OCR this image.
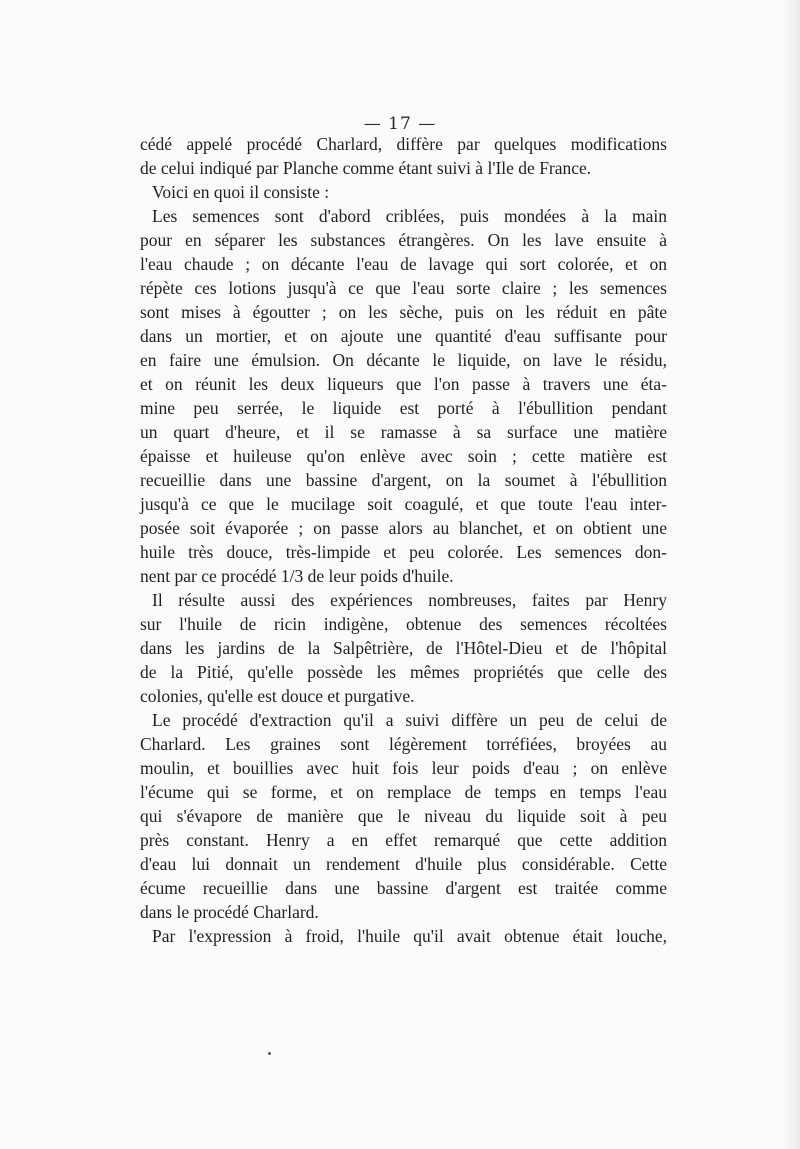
— 17 —
cédé appelé procédé Charlard, diffère par quelques modifications
de celui indiqué par Planche comme étant suivi à l'Ile de France.
Voici en quoi il consiste :
Les semences sont d'abord criblées, puis mondées à la main
pour en séparer les substances étrangères. On les lave ensuite à
l'eau chaude ; on décante l'eau de lavage qui sort colorée, et on
répète ces lotions jusqu'à ce que l'eau sorte claire ; les semences
sont mises à égoutter ; on les sèche, puis on les réduit en pâte
dans un mortier, et on ajoute une quantité d'eau suffisante pour
en faire une émulsion. On décante le liquide, on lave le résidu,
et on réunit les deux liqueurs que l'on passe à travers une éta-
mine peu serrée, le liquide est porté à l'ébullition pendant
un quart d'heure, et il se ramasse à sa surface une matière
épaisse et huileuse qu'on enlève avec soin ; cette matière est
recueillie dans une bassine d'argent, on la soumet à l'ébullition
jusqu'à ce que le mucilage soit coagulé, et que toute l'eau inter-
posée soit évaporée ; on passe alors au blanchet, et on obtient une
huile très douce, très-limpide et peu colorée. Les semences don-
nent par ce procédé 1/3 de leur poids d'huile.
Il résulte aussi des expériences nombreuses, faites par Henry
sur l'huile de ricin indigène, obtenue des semences récoltées
dans les jardins de la Salpêtrière, de l'Hôtel-Dieu et de l'hôpital
de la Pitié, qu'elle possède les mêmes propriétés que celle des
colonies, qu'elle est douce et purgative.
Le procédé d'extraction qu'il a suivi diffère un peu de celui de
Charlard. Les graines sont légèrement torréfiées, broyées au
moulin, et bouillies avec huit fois leur poids d'eau ; on enlève
l'écume qui se forme, et on remplace de temps en temps l'eau
qui s'évapore de manière que le niveau du liquide soit à peu
près constant. Henry a en effet remarqué que cette addition
d'eau lui donnait un rendement d'huile plus considérable. Cette
écume recueillie dans une bassine d'argent est traitée comme
dans le procédé Charlard.
Par l'expression à froid, l'huile qu'il avait obtenue était louche,
